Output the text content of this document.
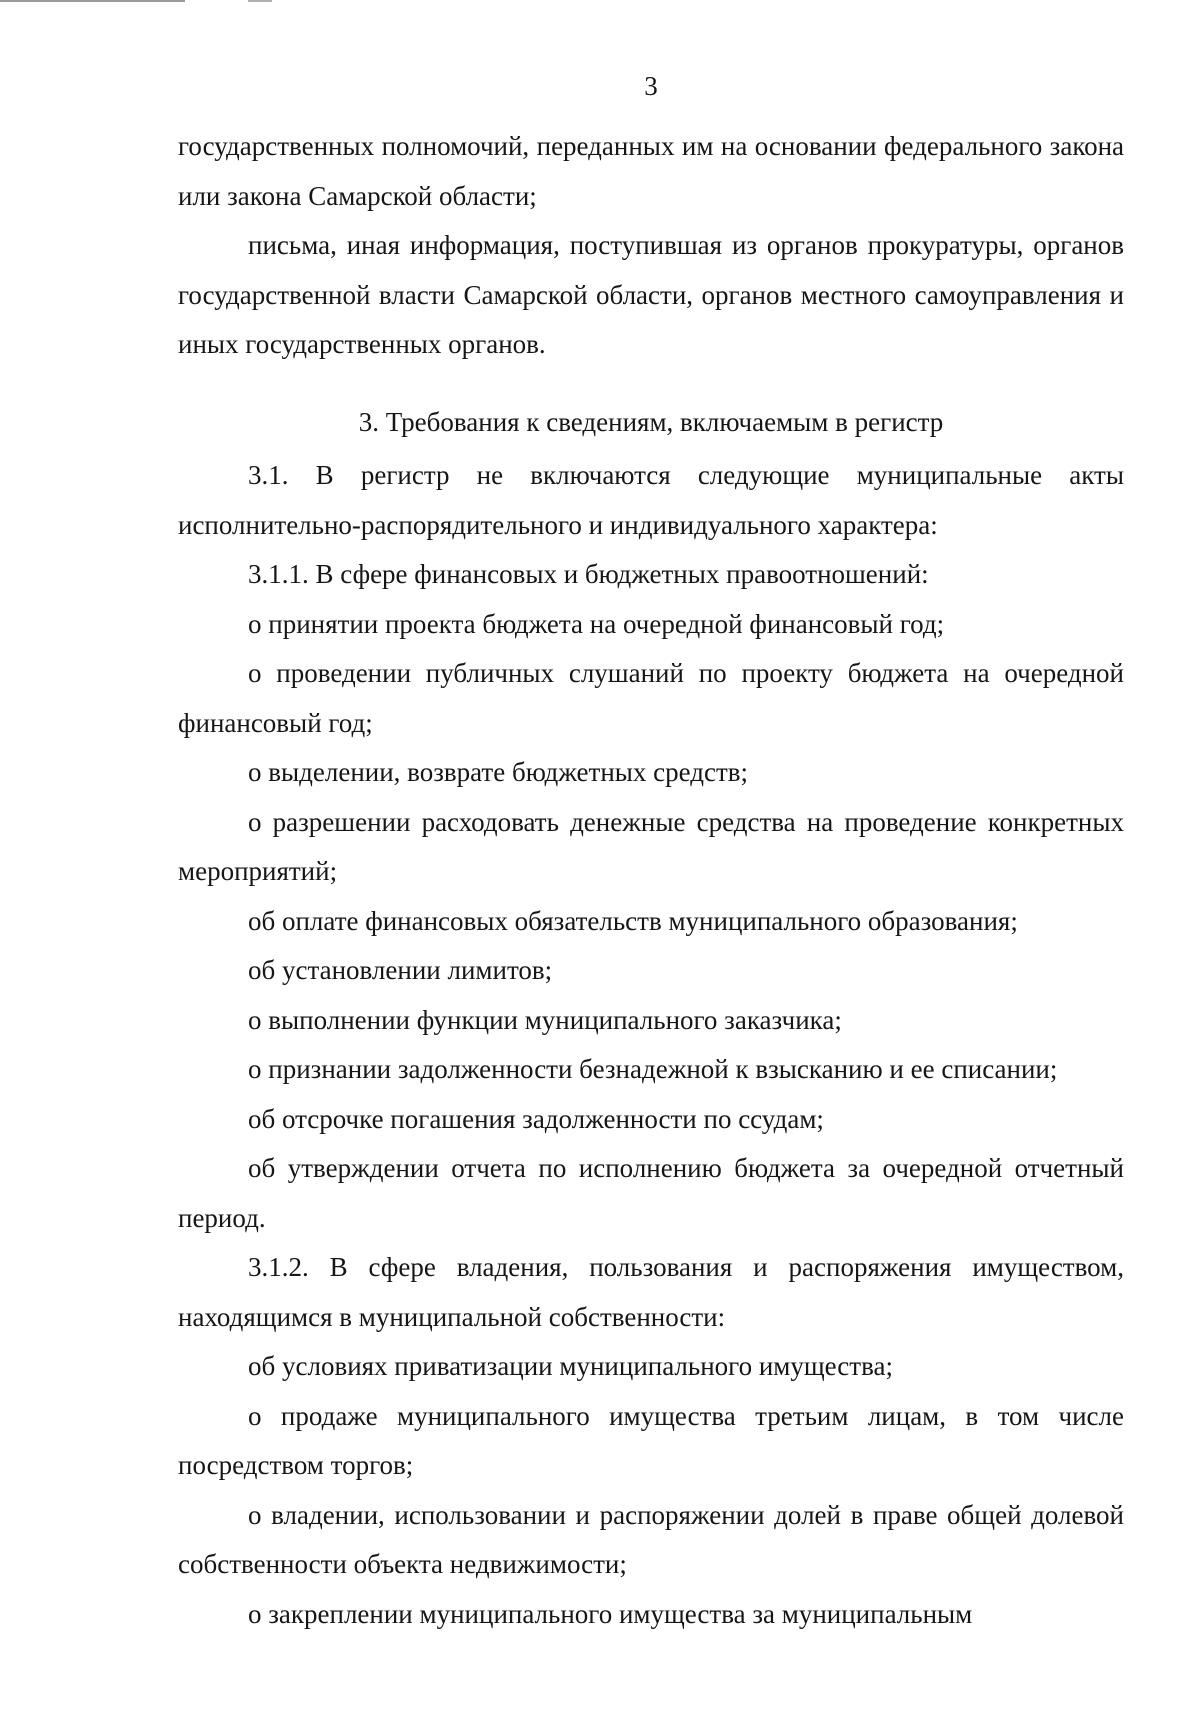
3

государственных полномочий, переданных им на основании федерального закона или закона Самарской области;

письма, иная информация, поступившая из органов прокуратуры, органов государственной власти Самарской области, органов местного самоуправления и иных государственных органов.

3. Требования к сведениям, включаемым в регистр

3.1. В регистр не включаются следующие муниципальные акты исполнительно-распорядительного и индивидуального характера:

3.1.1. В сфере финансовых и бюджетных правоотношений:

о принятии проекта бюджета на очередной финансовый год;

о проведении публичных слушаний по проекту бюджета на очередной финансовый год;

о выделении, возврате бюджетных средств;

о разрешении расходовать денежные средства на проведение конкретных мероприятий;

об оплате финансовых обязательств муниципального образования;

об установлении лимитов;

о выполнении функции муниципального заказчика;

о признании задолженности безнадежной к взысканию и ее списании;

об отсрочке погашения задолженности по ссудам;

об утверждении отчета по исполнению бюджета за очередной отчетный период.

3.1.2. В сфере владения, пользования и распоряжения имуществом, находящимся в муниципальной собственности:

об условиях приватизации муниципального имущества;

о продаже муниципального имущества третьим лицам, в том числе посредством торгов;

о владении, использовании и распоряжении долей в праве общей долевой собственности объекта недвижимости;

о закреплении муниципального имущества за муниципальным
